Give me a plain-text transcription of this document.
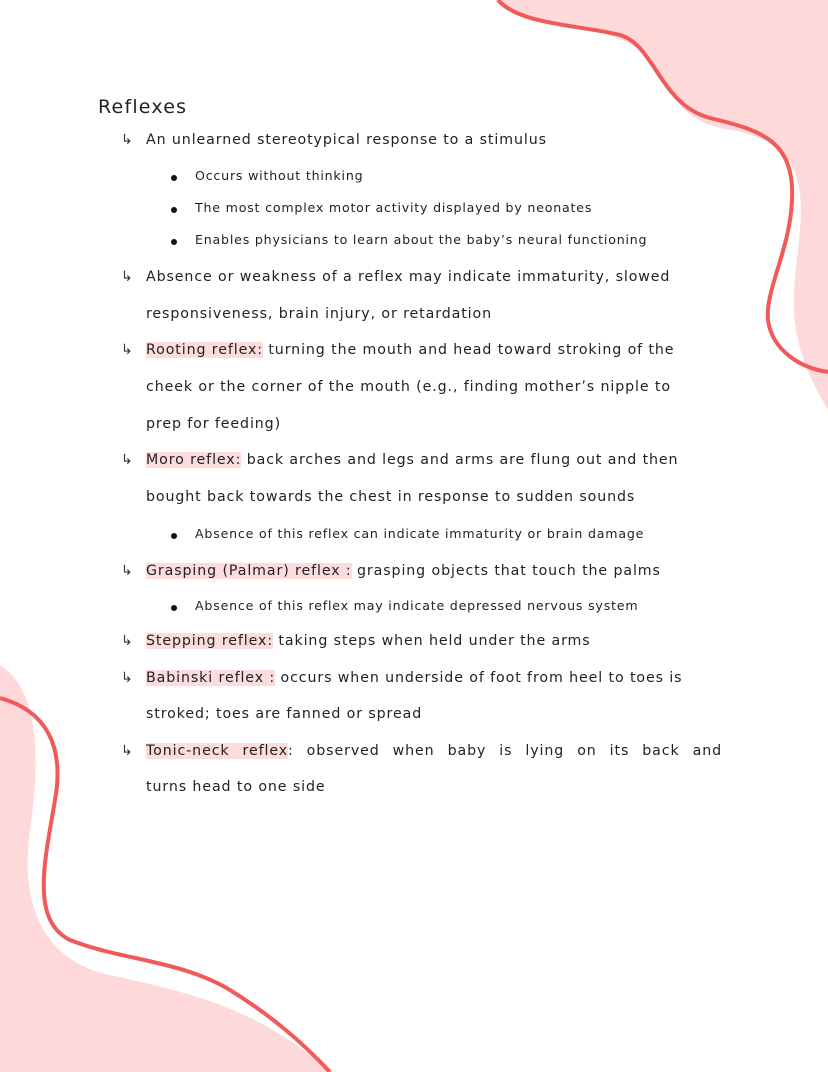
Reflexes
↳ An unlearned stereotypical response to a stimulus
Occurs without thinking
The most complex motor activity displayed by neonates
Enables physicians to learn about the baby’s neural functioning
↳ Absence or weakness of a reflex may indicate immaturity, slowed
responsiveness, brain injury, or retardation
↳ Rooting reflex: turning the mouth and head toward stroking of the
cheek or the corner of the mouth (e.g., finding mother’s nipple to
prep for feeding)
↳ Moro reflex: back arches and legs and arms are flung out and then
bought back towards the chest in response to sudden sounds
Absence of this reflex can indicate immaturity or brain damage
↳ Grasping (Palmar) reflex : grasping objects that touch the palms
Absence of this reflex may indicate depressed nervous system
↳ Stepping reflex: taking steps when held under the arms
↳ Babinski reflex : occurs when underside of foot from heel to toes is
stroked; toes are fanned or spread
↳ Tonic-neck reflex: observed when baby is lying on its back and
turns head to one side
